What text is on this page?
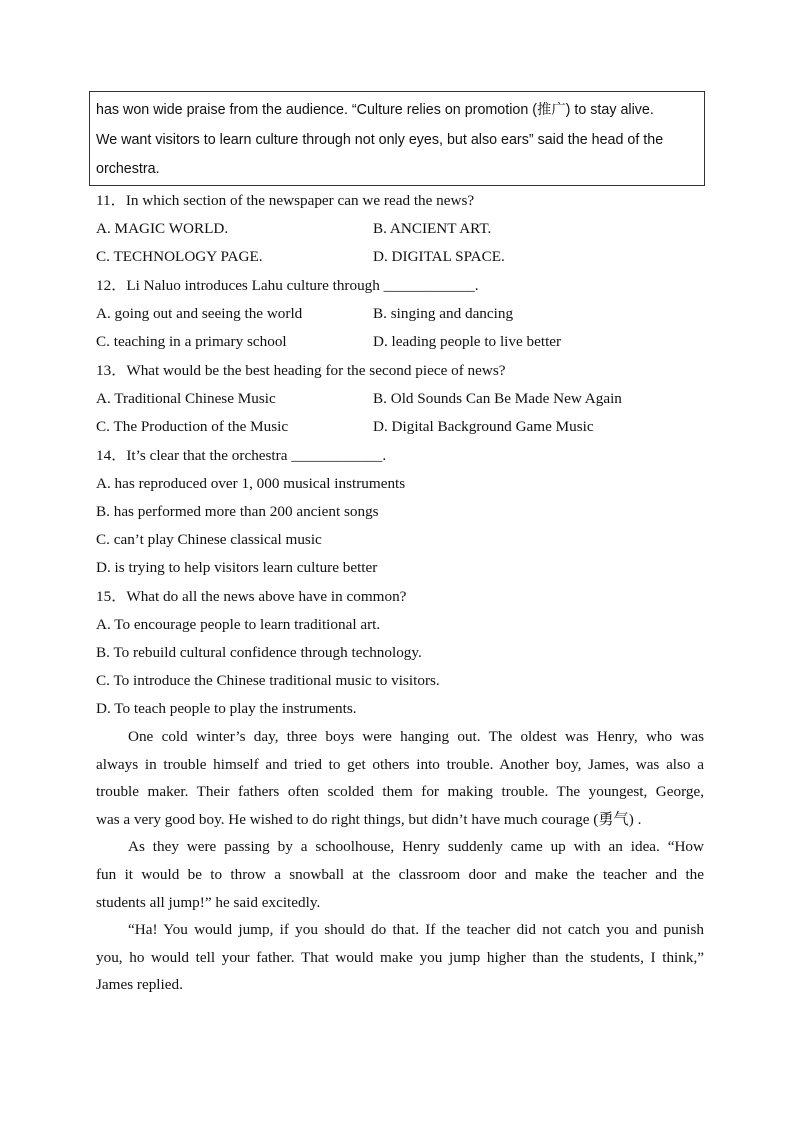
has won wide praise from the audience. “Culture relies on promotion (推广) to stay alive.
We want visitors to learn culture through not only eyes, but also ears” said the head of the
orchestra.
11．In which section of the newspaper can we read the news?
A. MAGIC WORLD.	B. ANCIENT ART.
C. TECHNOLOGY PAGE.	D. DIGITAL SPACE.
12．Li Naluo introduces Lahu culture through ____________.
A. going out and seeing the world	B. singing and dancing
C. teaching in a primary school	D. leading people to live better
13．What would be the best heading for the second piece of news?
A. Traditional Chinese Music	B. Old Sounds Can Be Made New Again
C. The Production of the Music	D. Digital Background Game Music
14．It’s clear that the orchestra ____________.
A. has reproduced over 1, 000 musical instruments
B. has performed more than 200 ancient songs
C. can’t play Chinese classical music
D. is trying to help visitors learn culture better
15．What do all the news above have in common?
A. To encourage people to learn traditional art.
B. To rebuild cultural confidence through technology.
C. To introduce the Chinese traditional music to visitors.
D. To teach people to play the instruments.
One cold winter’s day, three boys were hanging out. The oldest was Henry, who was
always in trouble himself and tried to get others into trouble. Another boy, James, was also a
trouble maker. Their fathers often scolded them for making trouble. The youngest, George,
was a very good boy. He wished to do right things, but didn’t have much courage (勇气) .
As they were passing by a schoolhouse, Henry suddenly came up with an idea. “How
fun it would be to throw a snowball at the classroom door and make the teacher and the
students all jump!” he said excitedly.
“Ha! You would jump, if you should do that. If the teacher did not catch you and punish
you, ho would tell your father. That would make you jump higher than the students, I think,”
James replied.
